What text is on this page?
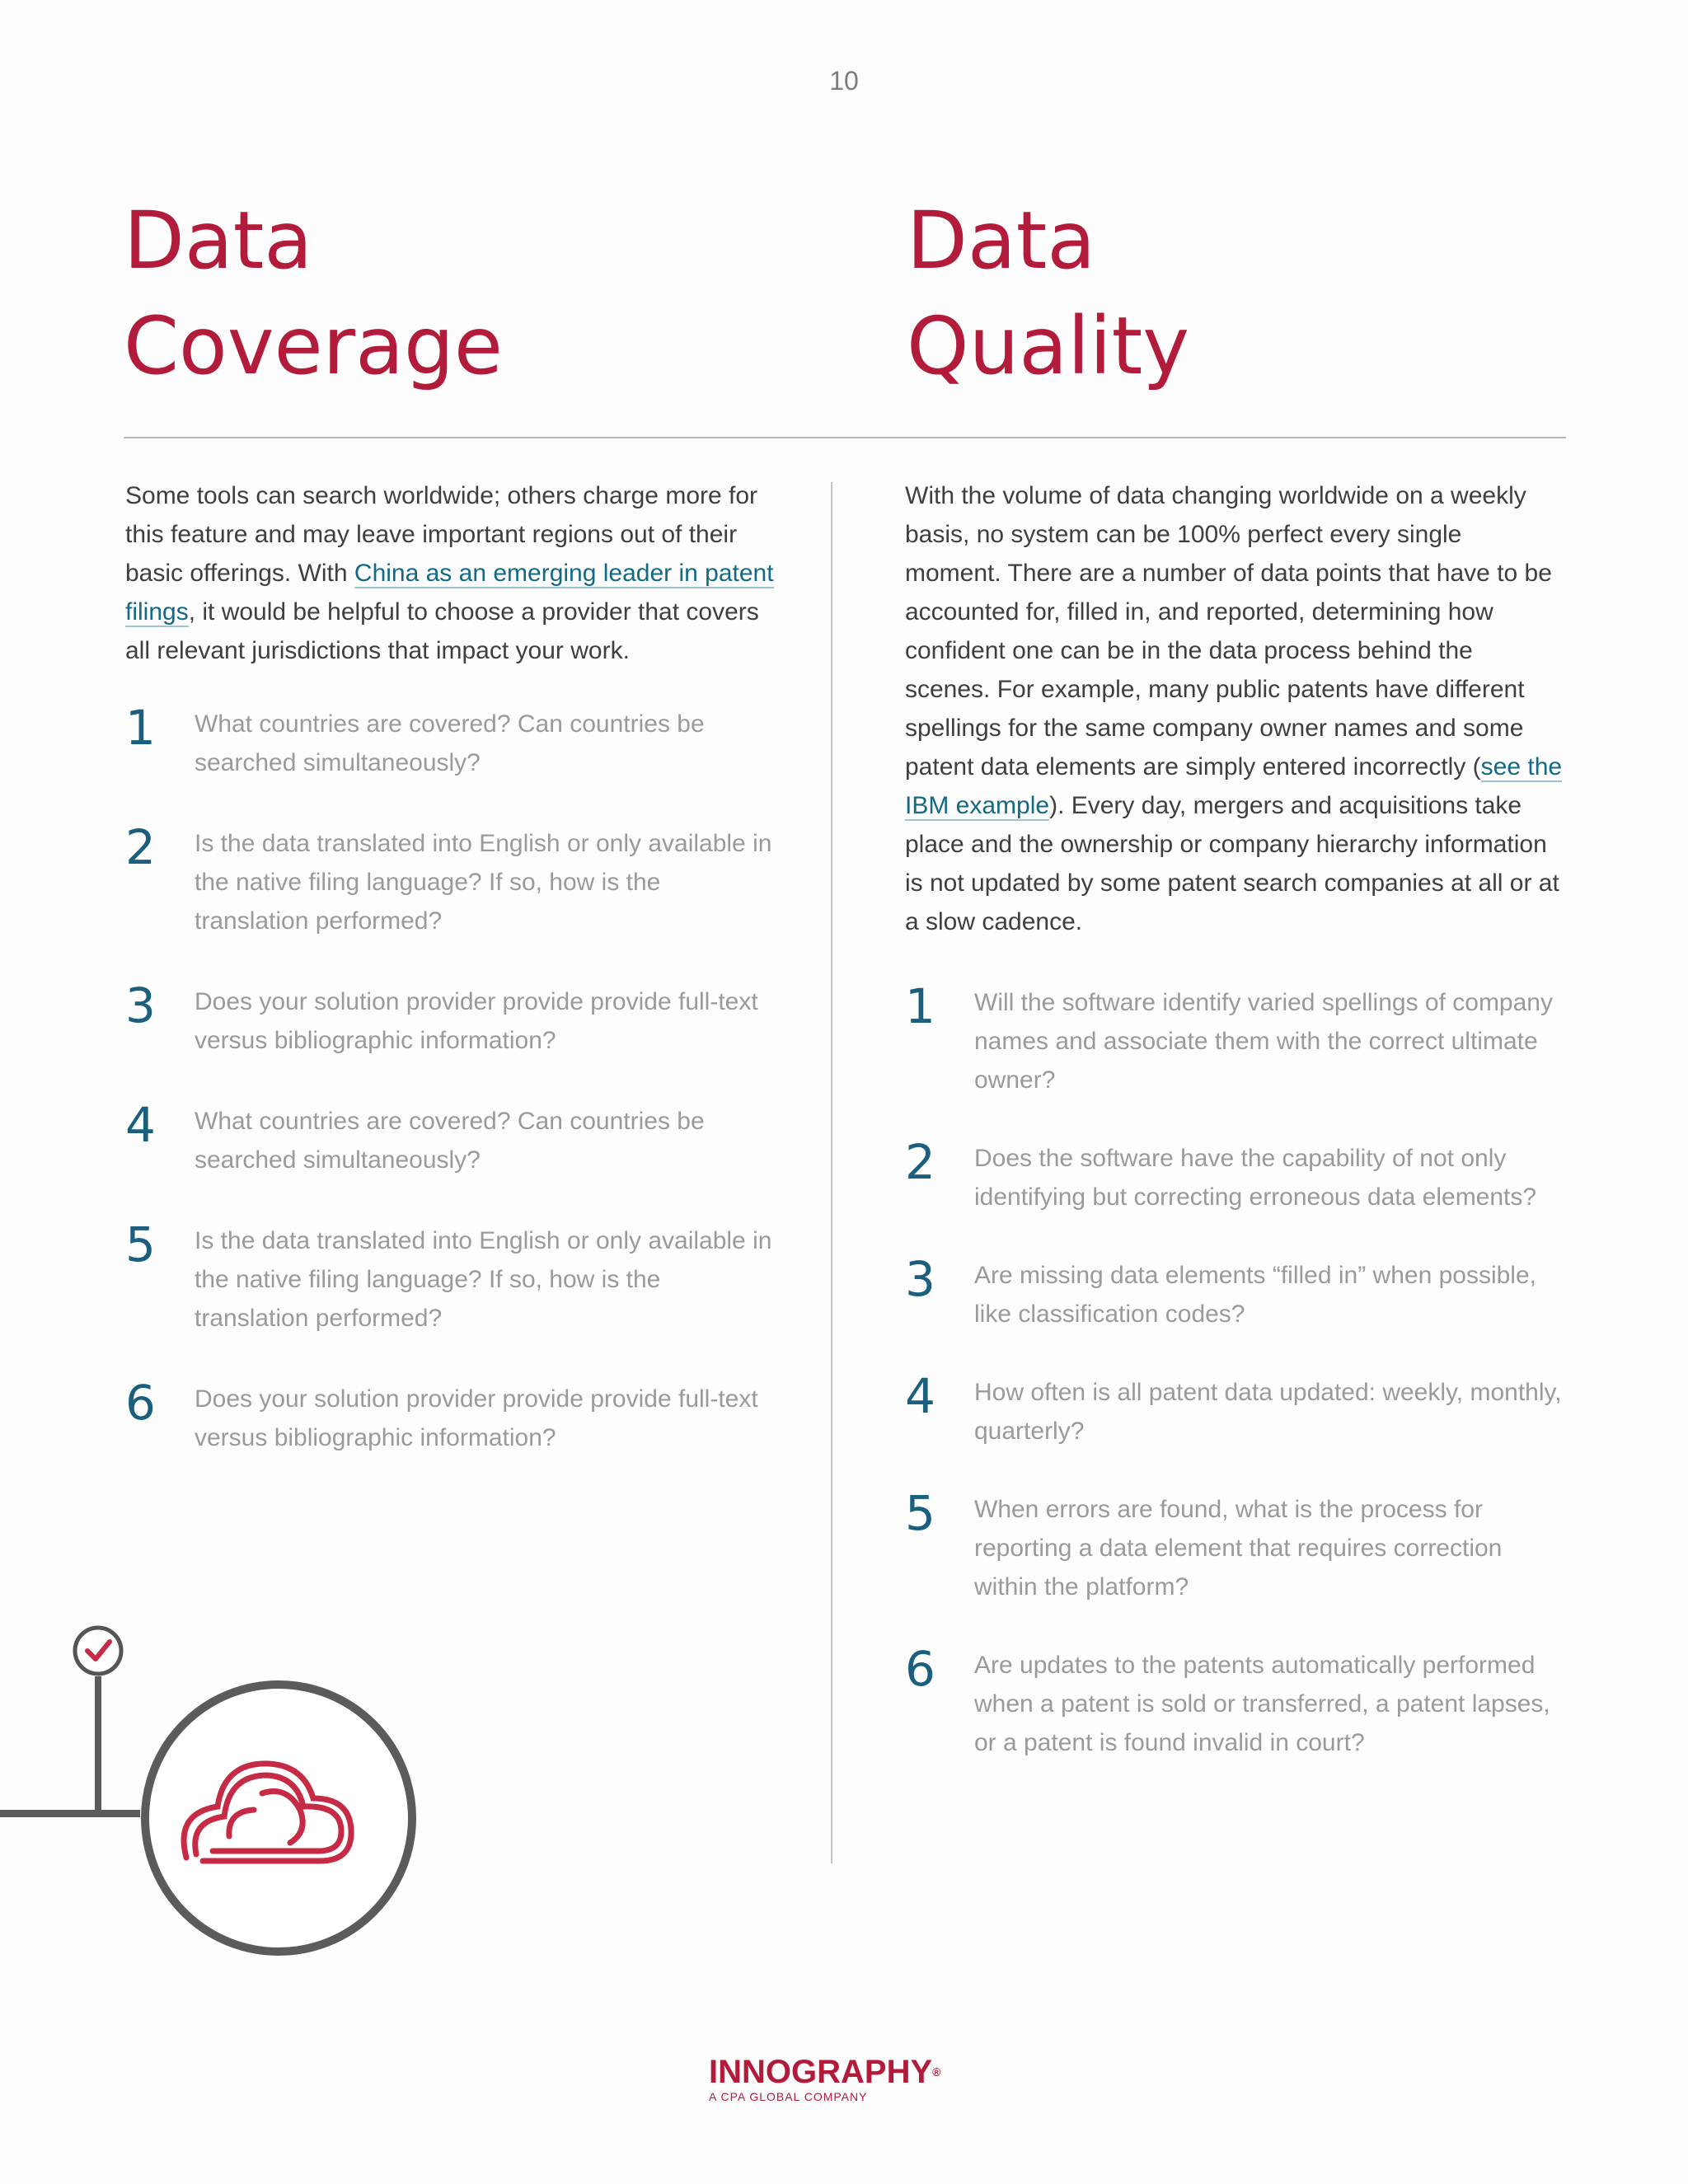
10
Data
Coverage
Data
Quality

Some tools can search worldwide; others charge more for this feature and may leave important regions out of their basic offerings. With China as an emerging leader in patent filings, it would be helpful to choose a provider that covers all relevant jurisdictions that impact your work.

1 What countries are covered? Can countries be searched simultaneously?
2 Is the data translated into English or only available in the native filing language? If so, how is the translation performed?
3 Does your solution provider provide provide full-text versus bibliographic information?
4 What countries are covered? Can countries be searched simultaneously?
5 Is the data translated into English or only available in the native filing language? If so, how is the translation performed?
6 Does your solution provider provide provide full-text versus bibliographic information?

With the volume of data changing worldwide on a weekly basis, no system can be 100% perfect every single moment. There are a number of data points that have to be accounted for, filled in, and reported, determining how confident one can be in the data process behind the scenes. For example, many public patents have different spellings for the same company owner names and some patent data elements are simply entered incorrectly (see the IBM example). Every day, mergers and acquisitions take place and the ownership or company hierarchy information is not updated by some patent search companies at all or at a slow cadence.

1 Will the software identify varied spellings of company names and associate them with the correct ultimate owner?
2 Does the software have the capability of not only identifying but correcting erroneous data elements?
3 Are missing data elements “filled in” when possible, like classification codes?
4 How often is all patent data updated: weekly, monthly, quarterly?
5 When errors are found, what is the process for reporting a data element that requires correction within the platform?
6 Are updates to the patents automatically performed when a patent is sold or transferred, a patent lapses, or a patent is found invalid in court?
INNOGRAPHY®
A CPA GLOBAL COMPANY
